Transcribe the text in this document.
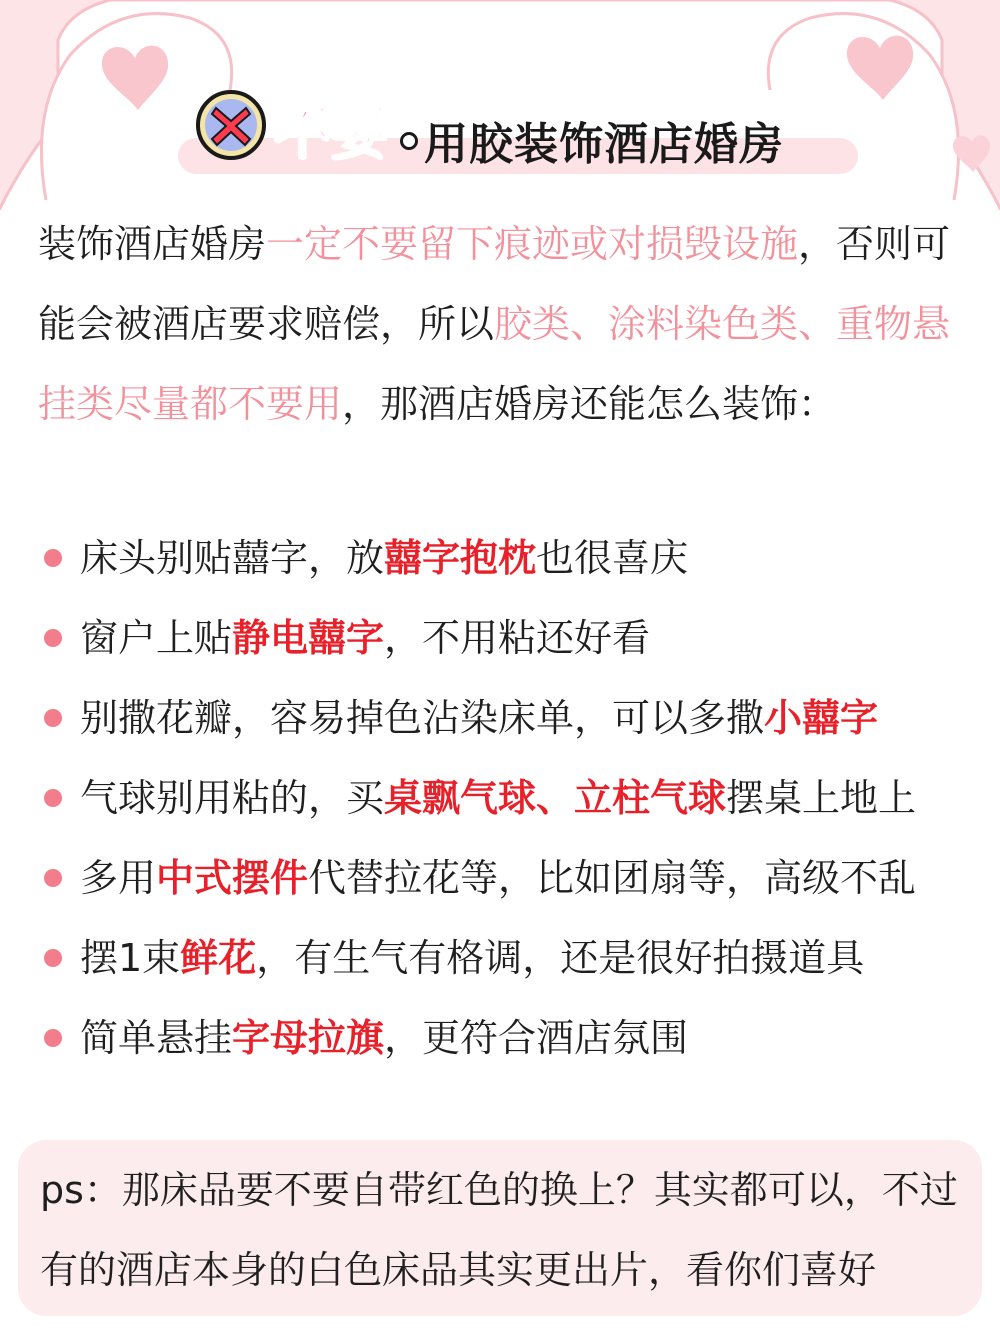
不要 用胶装饰酒店婚房

装饰酒店婚房一定不要留下痕迹或对损毁设施，否则可能会被酒店要求赔偿，所以胶类、涂料染色类、重物悬挂类尽量都不要用，那酒店婚房还能怎么装饰：

床头别贴囍字，放囍字抱枕也很喜庆
窗户上贴静电囍字，不用粘还好看
别撒花瓣，容易掉色沾染床单，可以多撒小囍字
气球别用粘的，买桌飘气球、立柱气球摆桌上地上
多用中式摆件代替拉花等，比如团扇等，高级不乱
摆1束鲜花，有生气有格调，还是很好拍摄道具
简单悬挂字母拉旗，更符合酒店氛围

ps：那床品要不要自带红色的换上？其实都可以，不过有的酒店本身的白色床品其实更出片，看你们喜好
